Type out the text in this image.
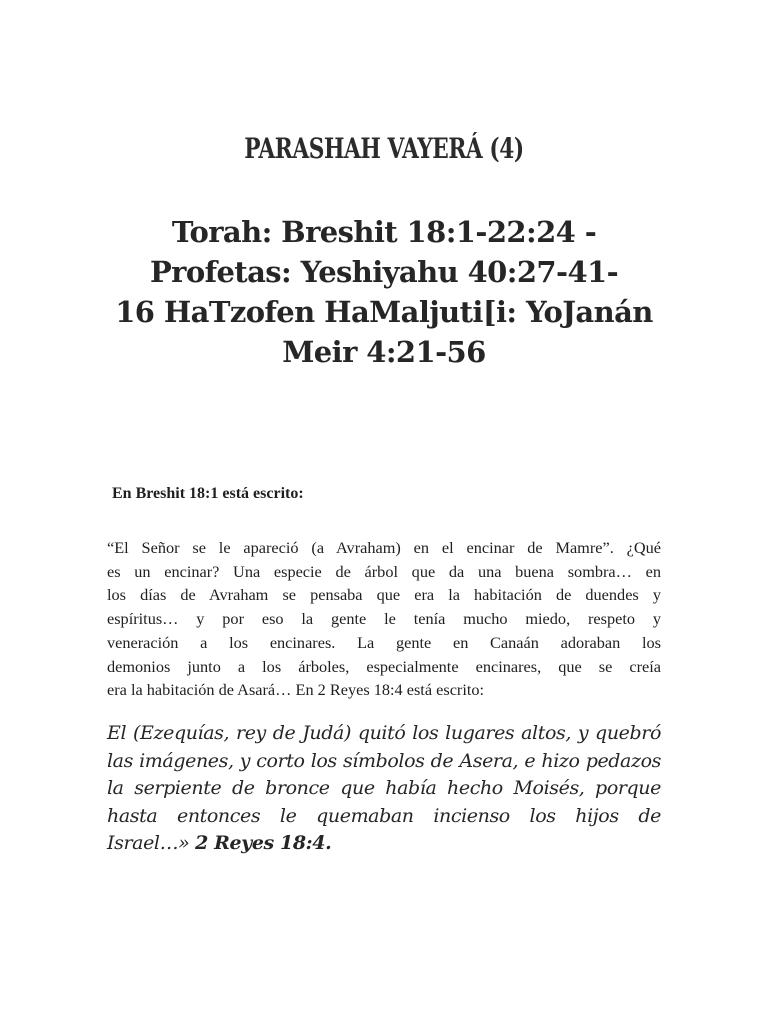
PARASHAH VAYERÁ (4)
Torah: Breshit 18:1-22:24 -
Profetas: Yeshiyahu 40:27-41-
16 HaTzofen HaMaljuti[i: YoJanán
Meir 4:21-56

En Breshit 18:1 está escrito:

“El Señor se le apareció (a Avraham) en el encinar de Mamre”. ¿Qué
es un encinar? Una especie de árbol que da una buena sombra… en
los días de Avraham se pensaba que era la habitación de duendes y
espíritus… y por eso la gente le tenía mucho miedo, respeto y
veneración a los encinares. La gente en Canaán adoraban los
demonios junto a los árboles, especialmente encinares, que se creía
era la habitación de Asará… En 2 Reyes 18:4 está escrito:

El (Ezequías, rey de Judá) quitó los lugares altos, y quebró
las imágenes, y corto los símbolos de Asera, e hizo pedazos
la serpiente de bronce que había hecho Moisés, porque
hasta entonces le quemaban incienso los hijos de
Israel…» 2 Reyes 18:4.
